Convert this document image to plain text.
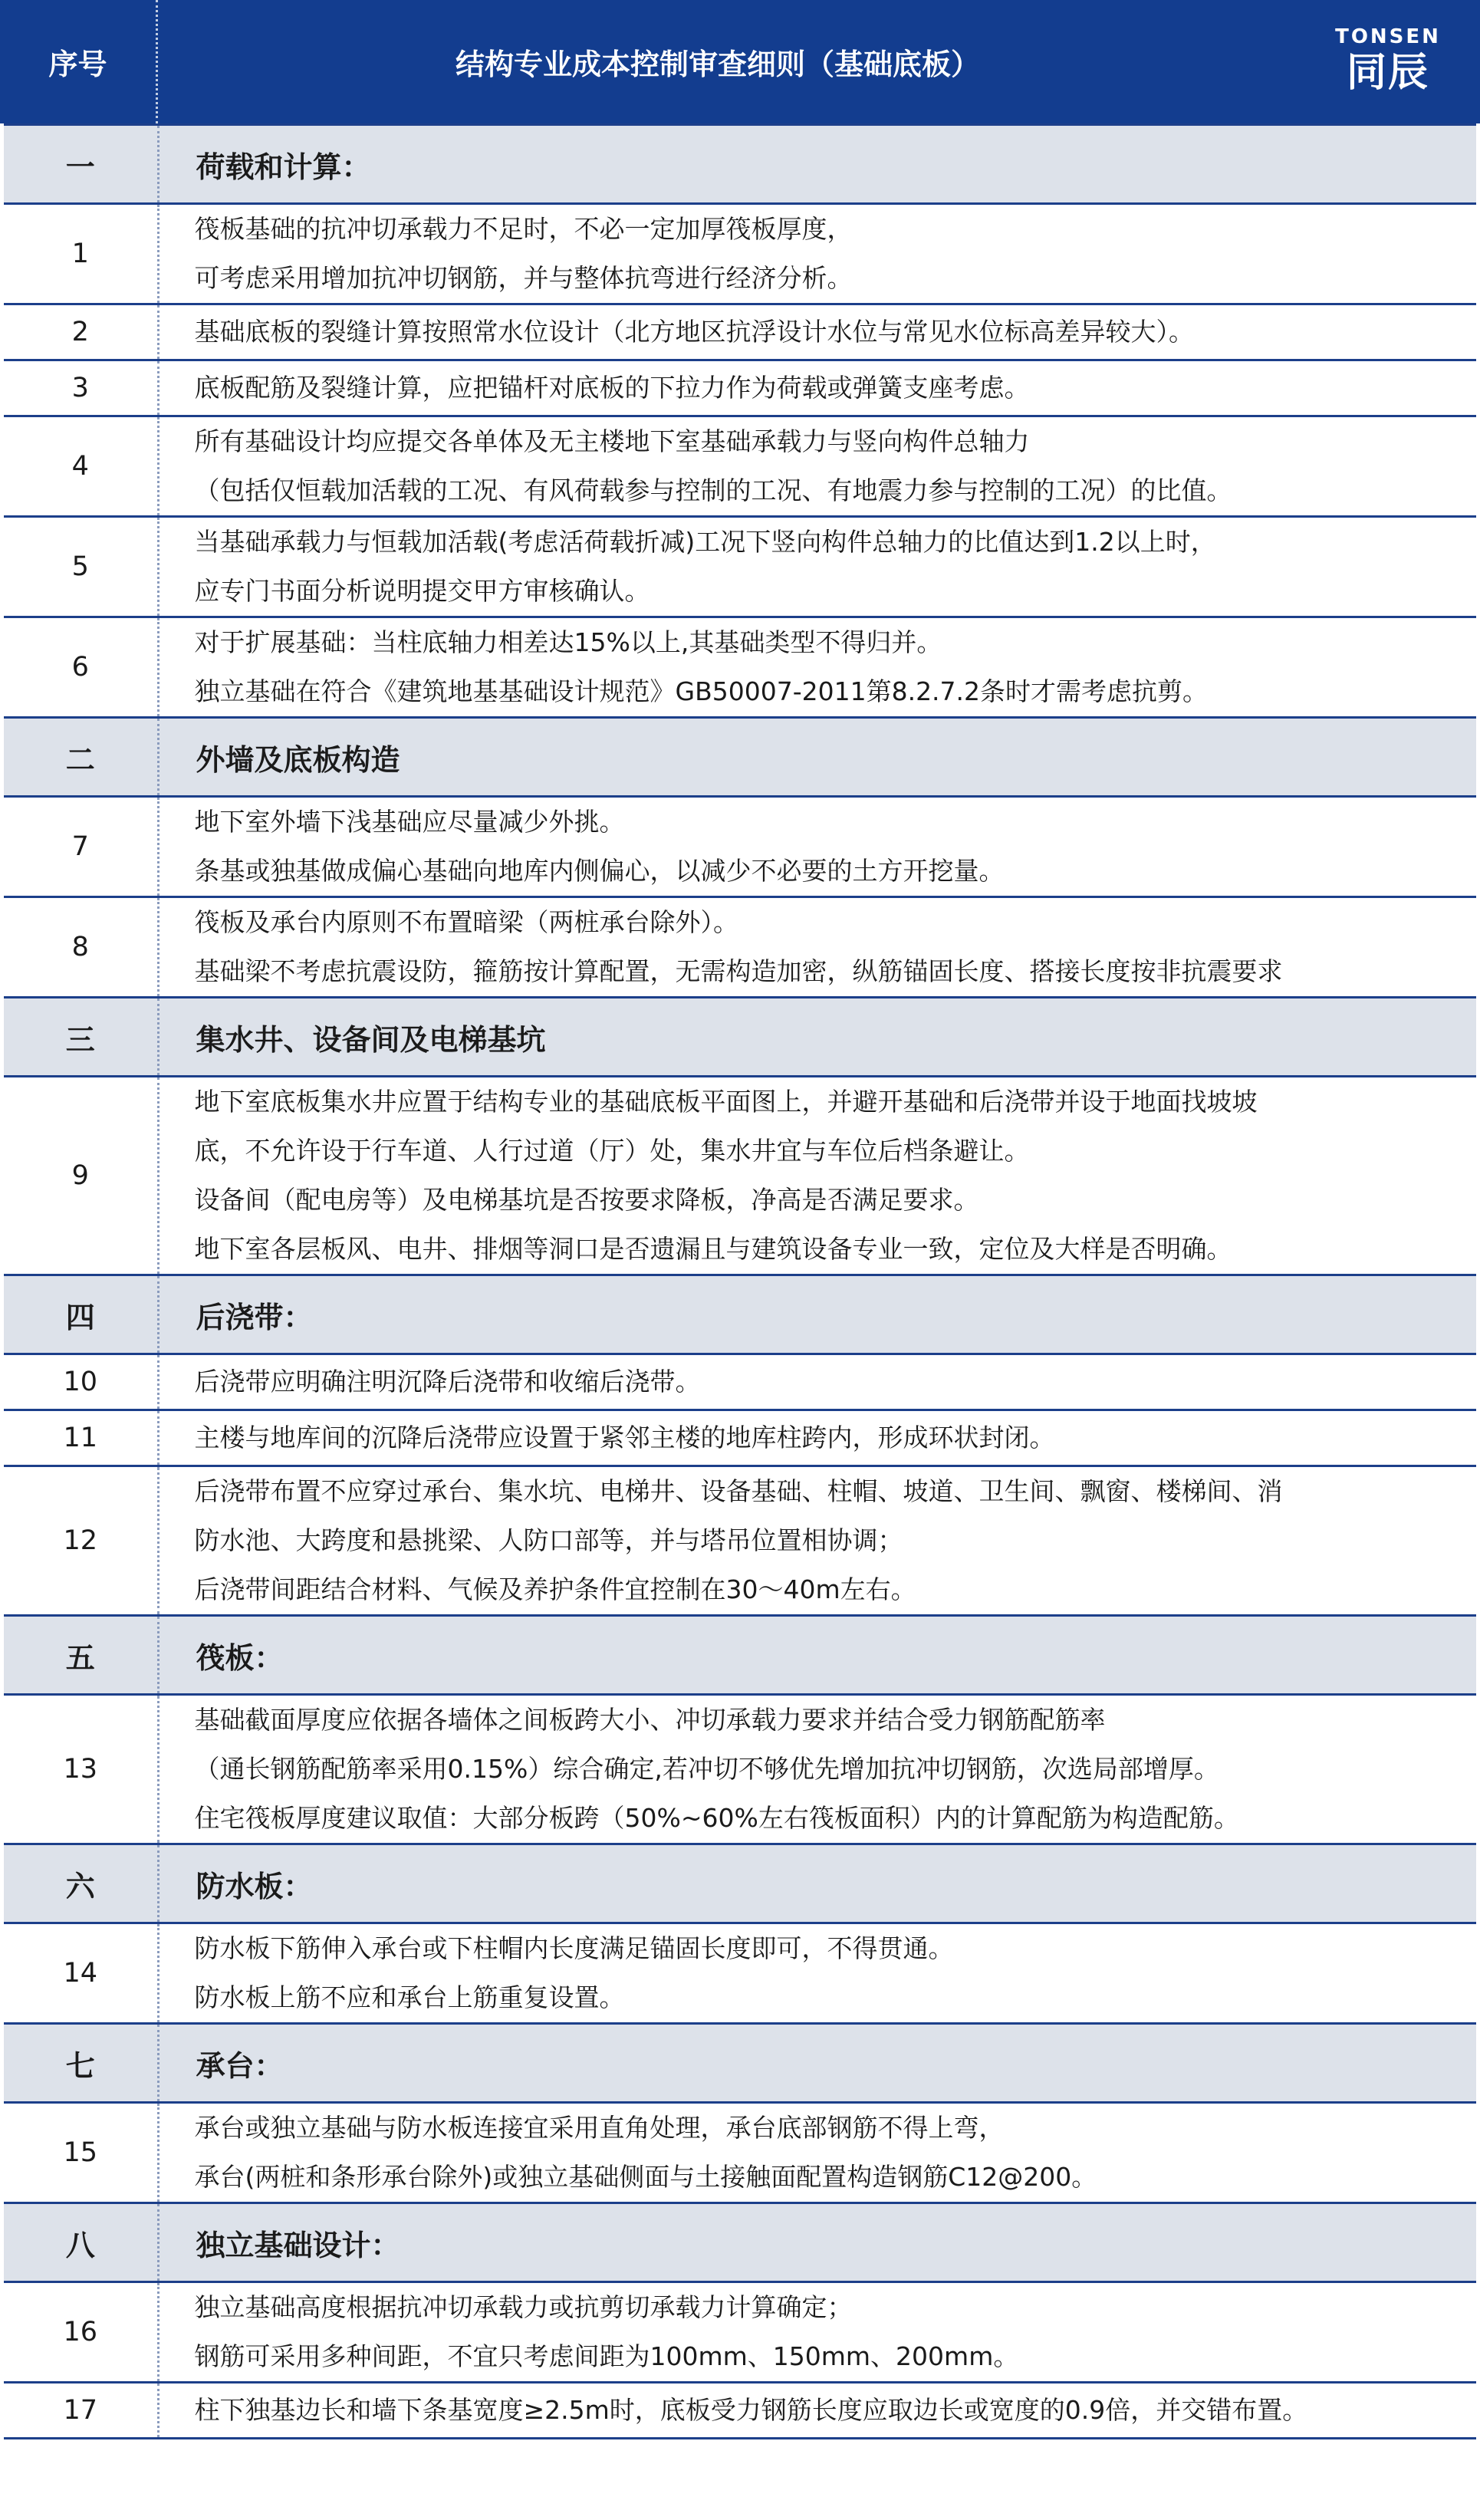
序号	结构专业成本控制审查细则（基础底板）
TONSEN
同辰
一	荷载和计算：
1	筏板基础的抗冲切承载力不足时，不必一定加厚筏板厚度，
可考虑采用增加抗冲切钢筋，并与整体抗弯进行经济分析。

2	基础底板的裂缝计算按照常水位设计（北方地区抗浮设计水位与常见水位标高差异较大）。

3	底板配筋及裂缝计算，应把锚杆对底板的下拉力作为荷载或弹簧支座考虑。

4	所有基础设计均应提交各单体及无主楼地下室基础承载力与竖向构件总轴力
（包括仅恒载加活载的工况、有风荷载参与控制的工况、有地震力参与控制的工况）的比值。

5	当基础承载力与恒载加活载(考虑活荷载折减)工况下竖向构件总轴力的比值达到1.2以上时，
应专门书面分析说明提交甲方审核确认。

6	对于扩展基础：当柱底轴力相差达15%以上,其基础类型不得归并。
独立基础在符合《建筑地基基础设计规范》GB50007-2011第8.2.7.2条时才需考虑抗剪。

二	外墙及底板构造
7	地下室外墙下浅基础应尽量减少外挑。
条基或独基做成偏心基础向地库内侧偏心，以减少不必要的土方开挖量。

8	筏板及承台内原则不布置暗梁（两桩承台除外）。
基础梁不考虑抗震设防，箍筋按计算配置，无需构造加密，纵筋锚固长度、搭接长度按非抗震要求

三	集水井、设备间及电梯基坑
9	地下室底板集水井应置于结构专业的基础底板平面图上，并避开基础和后浇带并设于地面找坡坡
底，不允许设于行车道、人行过道（厅）处，集水井宜与车位后档条避让。
设备间（配电房等）及电梯基坑是否按要求降板，净高是否满足要求。
地下室各层板风、电井、排烟等洞口是否遗漏且与建筑设备专业一致，定位及大样是否明确。

四	后浇带：
10	后浇带应明确注明沉降后浇带和收缩后浇带。

11	主楼与地库间的沉降后浇带应设置于紧邻主楼的地库柱跨内，形成环状封闭。

12	后浇带布置不应穿过承台、集水坑、电梯井、设备基础、柱帽、坡道、卫生间、飘窗、楼梯间、消
防水池、大跨度和悬挑梁、人防口部等，并与塔吊位置相协调；
后浇带间距结合材料、气候及养护条件宜控制在30～40m左右。

五	筏板：
13	基础截面厚度应依据各墙体之间板跨大小、冲切承载力要求并结合受力钢筋配筋率
（通长钢筋配筋率采用0.15%）综合确定,若冲切不够优先增加抗冲切钢筋，次选局部增厚。
住宅筏板厚度建议取值：大部分板跨（50%~60%左右筏板面积）内的计算配筋为构造配筋。

六	防水板：
14	防水板下筋伸入承台或下柱帽内长度满足锚固长度即可，不得贯通。
防水板上筋不应和承台上筋重复设置。

七	承台：
15	承台或独立基础与防水板连接宜采用直角处理，承台底部钢筋不得上弯，
承台(两桩和条形承台除外)或独立基础侧面与土接触面配置构造钢筋C12@200。

八	独立基础设计：
16	独立基础高度根据抗冲切承载力或抗剪切承载力计算确定；
钢筋可采用多种间距，不宜只考虑间距为100mm、150mm、200mm。

17	柱下独基边长和墙下条基宽度≥2.5m时，底板受力钢筋长度应取边长或宽度的0.9倍，并交错布置。
